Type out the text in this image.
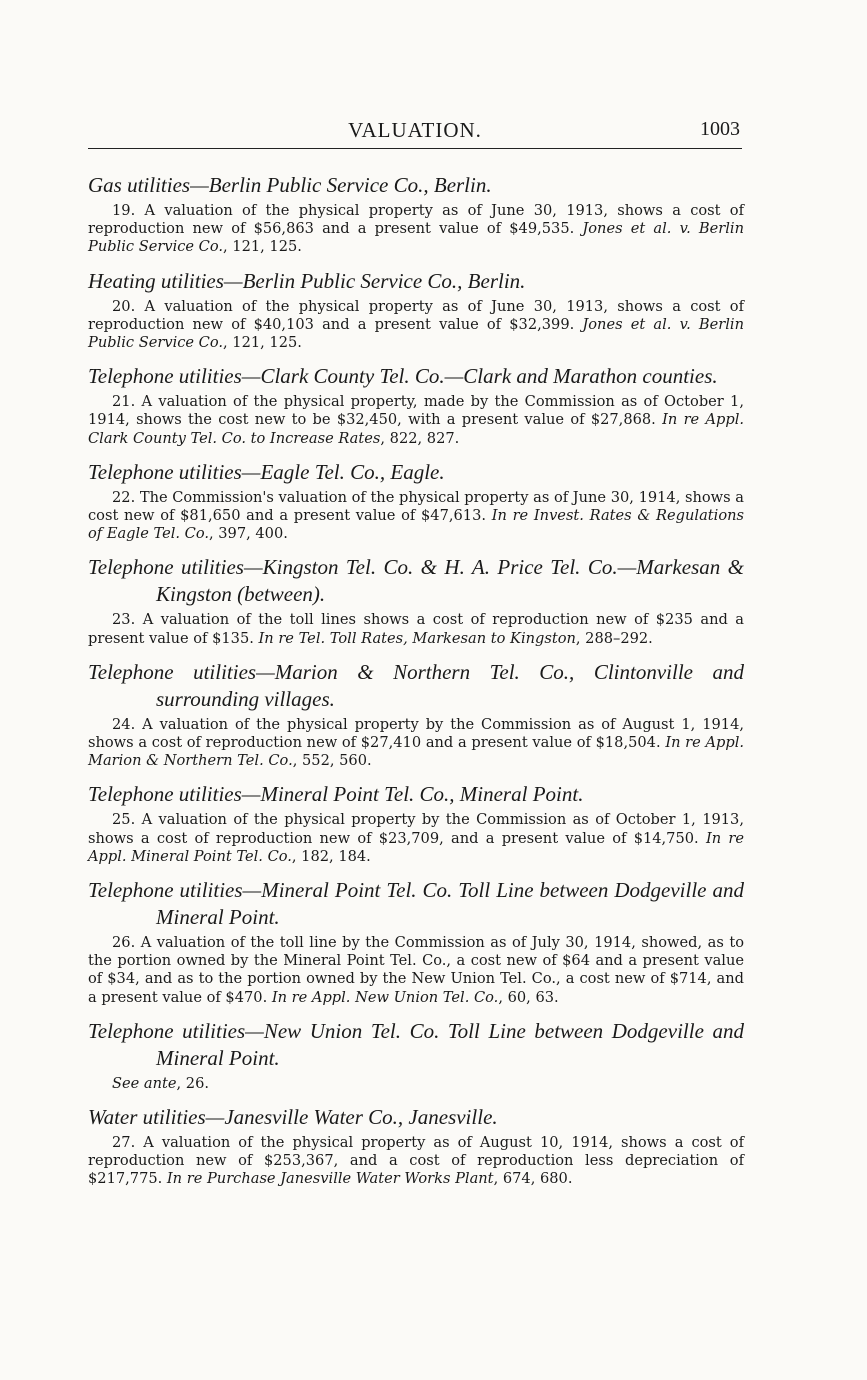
VALUATION.	1003

Gas utilities—Berlin Public Service Co., Berlin.

19. A valuation of the physical property as of June 30, 1913, shows a cost of reproduction new of $56,863 and a present value of $49,535. Jones et al. v. Berlin Public Service Co., 121, 125.

Heating utilities—Berlin Public Service Co., Berlin.

20. A valuation of the physical property as of June 30, 1913, shows a cost of reproduction new of $40,103 and a present value of $32,399. Jones et al. v. Berlin Public Service Co., 121, 125.

Telephone utilities—Clark County Tel. Co.—Clark and Marathon counties.

21. A valuation of the physical property, made by the Commission as of October 1, 1914, shows the cost new to be $32,450, with a present value of $27,868. In re Appl. Clark County Tel. Co. to Increase Rates, 822, 827.

Telephone utilities—Eagle Tel. Co., Eagle.

22. The Commission's valuation of the physical property as of June 30, 1914, shows a cost new of $81,650 and a present value of $47,613. In re Invest. Rates & Regulations of Eagle Tel. Co., 397, 400.

Telephone utilities—Kingston Tel. Co. & H. A. Price Tel. Co.—Markesan & Kingston (between).

23. A valuation of the toll lines shows a cost of reproduction new of $235 and a present value of $135. In re Tel. Toll Rates, Markesan to Kingston, 288–292.

Telephone utilities—Marion & Northern Tel. Co., Clintonville and surrounding villages.

24. A valuation of the physical property by the Commission as of August 1, 1914, shows a cost of reproduction new of $27,410 and a present value of $18,504. In re Appl. Marion & Northern Tel. Co., 552, 560.

Telephone utilities—Mineral Point Tel. Co., Mineral Point.

25. A valuation of the physical property by the Commission as of October 1, 1913, shows a cost of reproduction new of $23,709, and a present value of $14,750. In re Appl. Mineral Point Tel. Co., 182, 184.

Telephone utilities—Mineral Point Tel. Co. Toll Line between Dodgeville and Mineral Point.

26. A valuation of the toll line by the Commission as of July 30, 1914, showed, as to the portion owned by the Mineral Point Tel. Co., a cost new of $64 and a present value of $34, and as to the portion owned by the New Union Tel. Co., a cost new of $714, and a present value of $470. In re Appl. New Union Tel. Co., 60, 63.

Telephone utilities—New Union Tel. Co. Toll Line between Dodgeville and Mineral Point.

See ante, 26.

Water utilities—Janesville Water Co., Janesville.

27. A valuation of the physical property as of August 10, 1914, shows a cost of reproduction new of $253,367, and a cost of reproduction less depreciation of $217,775. In re Purchase Janesville Water Works Plant, 674, 680.
